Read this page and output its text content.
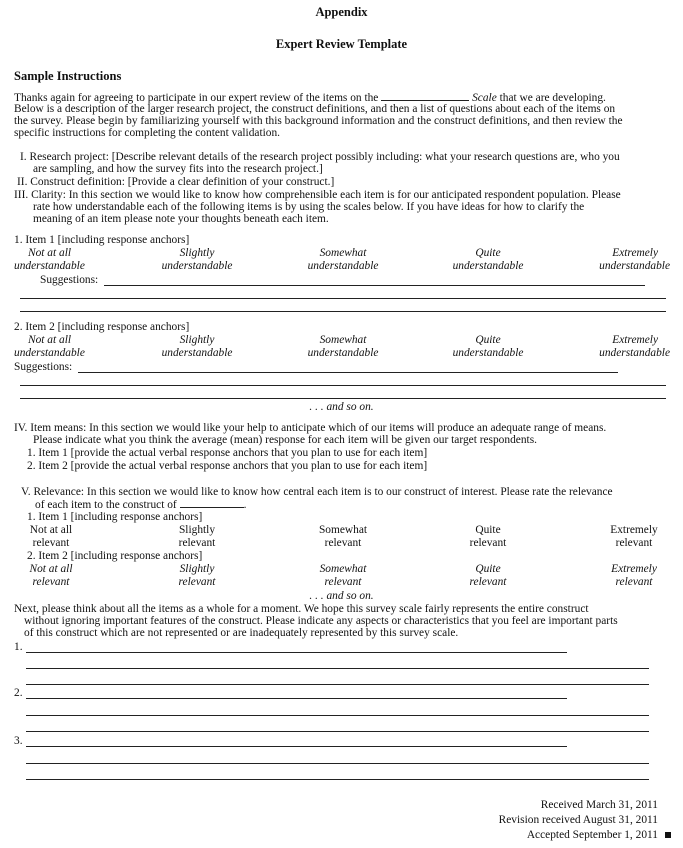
Appendix
Expert Review Template
Sample Instructions
Thanks again for agreeing to participate in our expert review of the items on the	Scale that we are developing.
Below is a description of the larger research project, the construct definitions, and then a list of questions about each of the items on
the survey. Please begin by familiarizing yourself with this background information and the construct definitions, and then review the
specific instructions for completing the content validation.
I. Research project: [Describe relevant details of the research project possibly including: what your research questions are, who you
are sampling, and how the survey fits into the research project.]
II. Construct definition: [Provide a clear definition of your construct.]
III. Clarity: In this section we would like to know how comprehensible each item is for our anticipated respondent population. Please
rate how understandable each of the following items is by using the scales below. If you have ideas for how to clarify the
meaning of an item please note your thoughts beneath each item.
1. Item 1 [including response anchors]
Not at all
understandable
Slightly
understandable
Somewhat
understandable
Quite
understandable
Extremely
understandable
Suggestions:
2. Item 2 [including response anchors]
Not at all
understandable
Slightly
understandable
Somewhat
understandable
Quite
understandable
Extremely
understandable
Suggestions:
. . . and so on.
IV. Item means: In this section we would like your help to anticipate which of our items will produce an adequate range of means.
Please indicate what you think the average (mean) response for each item will be given our target respondents.
1. Item 1 [provide the actual verbal response anchors that you plan to use for each item]
2. Item 2 [provide the actual verbal response anchors that you plan to use for each item]
V. Relevance: In this section we would like to know how central each item is to our construct of interest. Please rate the relevance
of each item to the construct of	.
1. Item 1 [including response anchors]
Not at all
relevant
Slightly
relevant
Somewhat
relevant
Quite
relevant
Extremely
relevant
2. Item 2 [including response anchors]
Not at all
relevant
Slightly
relevant
Somewhat
relevant
Quite
relevant
Extremely
relevant
. . . and so on.
Next, please think about all the items as a whole for a moment. We hope this survey scale fairly represents the entire construct
without ignoring important features of the construct. Please indicate any aspects or characteristics that you feel are important parts
of this construct which are not represented or are inadequately represented by this survey scale.
1.
2.
3.
Received March 31, 2011
Revision received August 31, 2011
Accepted September 1, 2011
